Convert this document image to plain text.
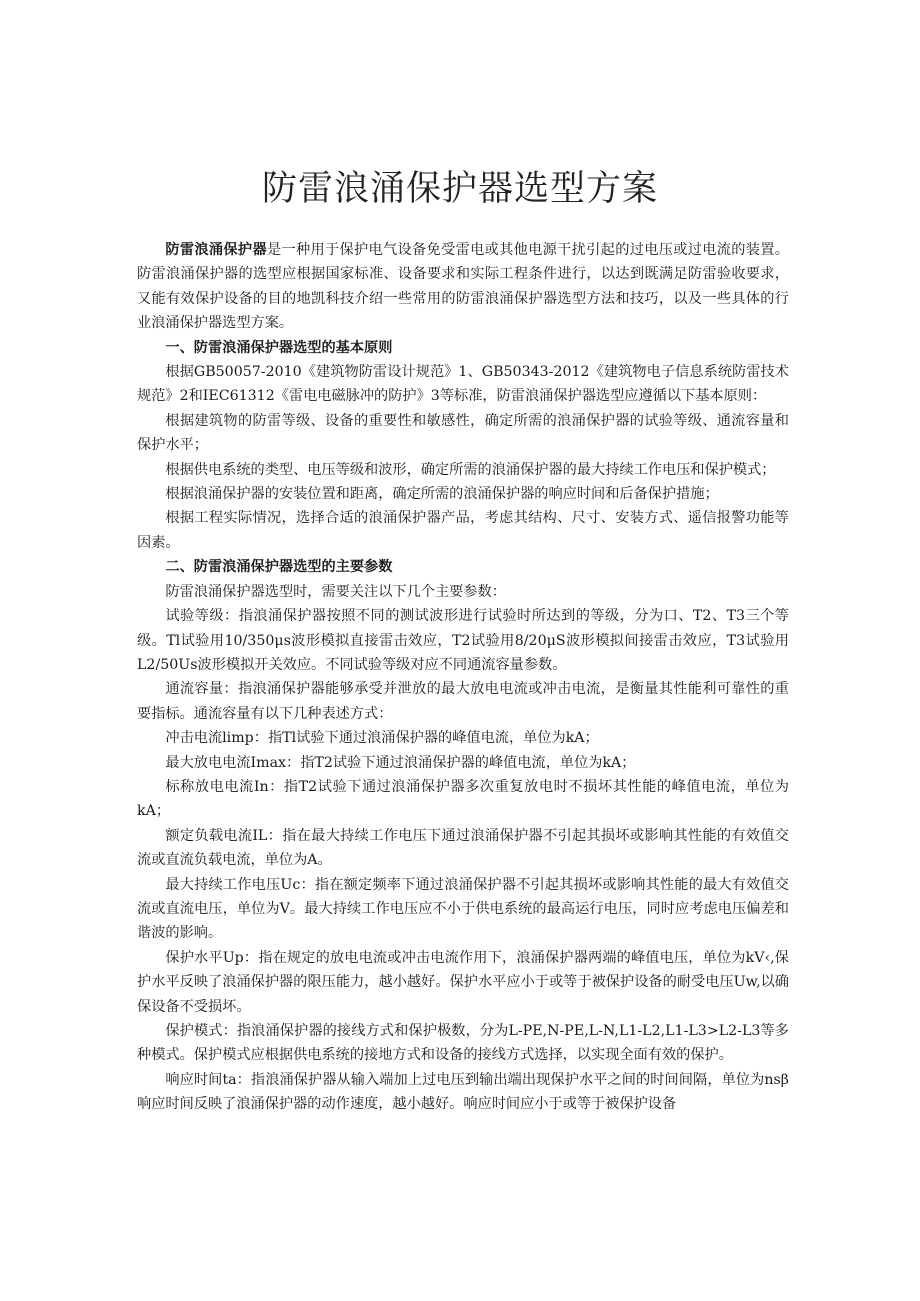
防雷浪涌保护器选型方案

防雷浪涌保护器是一种用于保护电气设备免受雷电或其他电源干扰引起的过电压或过电流的装置。防雷浪涌保护器的选型应根据国家标准、设备要求和实际工程条件进行，以达到既满足防雷验收要求，又能有效保护设备的目的地凯科技介绍一些常用的防雷浪涌保护器选型方法和技巧，以及一些具体的行业浪涌保护器选型方案。

一、防雷浪涌保护器选型的基本原则

根据GB50057-2010《建筑物防雷设计规范》1、GB50343-2012《建筑物电子信息系统防雷技术规范》2和IEC61312《雷电电磁脉冲的防护》3等标准，防雷浪涌保护器选型应遵循以下基本原则：

根据建筑物的防雷等级、设备的重要性和敏感性，确定所需的浪涌保护器的试验等级、通流容量和保护水平；

根据供电系统的类型、电压等级和波形，确定所需的浪涌保护器的最大持续工作电压和保护模式；

根据浪涌保护器的安装位置和距离，确定所需的浪涌保护器的响应时间和后备保护措施；

根据工程实际情况，选择合适的浪涌保护器产品，考虑其结构、尺寸、安装方式、遥信报警功能等因素。

二、防雷浪涌保护器选型的主要参数

防雷浪涌保护器选型时，需要关注以下几个主要参数：

试验等级：指浪涌保护器按照不同的测试波形进行试验时所达到的等级，分为口、T2、T3三个等级。Tl试验用10/350μs波形模拟直接雷击效应，T2试验用8/20μS波形模拟间接雷击效应，T3试验用L2/50Us波形模拟开关效应。不同试验等级对应不同通流容量参数。

通流容量：指浪涌保护器能够承受并泄放的最大放电电流或冲击电流，是衡量其性能利可靠性的重要指标。通流容量有以下几种表述方式：

冲击电流limp：指Tl试验下通过浪涌保护器的峰值电流，单位为kA；

最大放电电流Imax：指T2试验下通过浪涌保护器的峰值电流，单位为kA；

标称放电电流In：指T2试验下通过浪涌保护器多次重复放电时不损坏其性能的峰值电流，单位为kA；

额定负载电流IL：指在最大持续工作电压下通过浪涌保护器不引起其损坏或影响其性能的有效值交流或直流负载电流，单位为A。

最大持续工作电压Uc：指在额定频率下通过浪涌保护器不引起其损坏或影响其性能的最大有效值交流或直流电压，单位为V。最大持续工作电压应不小于供电系统的最高运行电压，同时应考虑电压偏差和谐波的影响。

保护水平Up：指在规定的放电电流或冲击电流作用下，浪涌保护器两端的峰值电压，单位为kV‹,保护水平反映了浪涌保护器的限压能力，越小越好。保护水平应小于或等于被保护设备的耐受电压Uw,以确保设备不受损坏。

保护模式：指浪涌保护器的接线方式和保护极数，分为L-PE,N-PE,L-N,L1-L2,L1-L3>L2-L3等多种模式。保护模式应根据供电系统的接地方式和设备的接线方式选择，以实现全面有效的保护。

响应时间ta：指浪涌保护器从输入端加上过电压到输出端出现保护水平之间的时间间隔，单位为nsβ响应时间反映了浪涌保护器的动作速度，越小越好。响应时间应小于或等于被保护设备
